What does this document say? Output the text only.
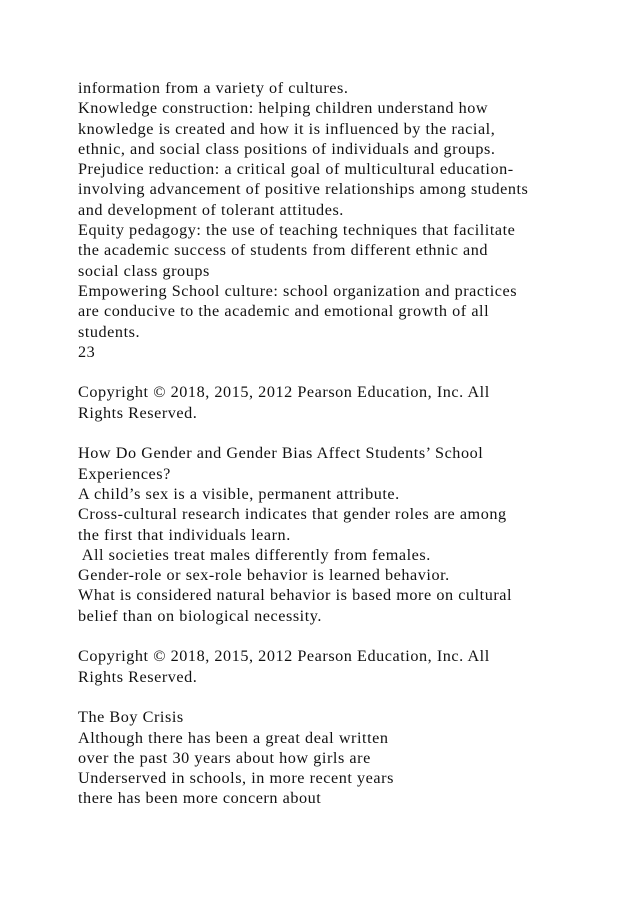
information from a variety of cultures.
Knowledge construction: helping children understand how
knowledge is created and how it is influenced by the racial,
ethnic, and social class positions of individuals and groups.
Prejudice reduction: a critical goal of multicultural education-
involving advancement of positive relationships among students
and development of tolerant attitudes.
Equity pedagogy: the use of teaching techniques that facilitate
the academic success of students from different ethnic and
social class groups
Empowering School culture: school organization and practices
are conducive to the academic and emotional growth of all
students.
23
Copyright © 2018, 2015, 2012 Pearson Education, Inc. All
Rights Reserved.
How Do Gender and Gender Bias Affect Students’ School
Experiences?
A child’s sex is a visible, permanent attribute.
Cross-cultural research indicates that gender roles are among
the first that individuals learn.
All societies treat males differently from females.
Gender-role or sex-role behavior is learned behavior.
What is considered natural behavior is based more on cultural
belief than on biological necessity.
Copyright © 2018, 2015, 2012 Pearson Education, Inc. All
Rights Reserved.
The Boy Crisis
Although there has been a great deal written
over the past 30 years about how girls are
Underserved in schools, in more recent years
there has been more concern about
